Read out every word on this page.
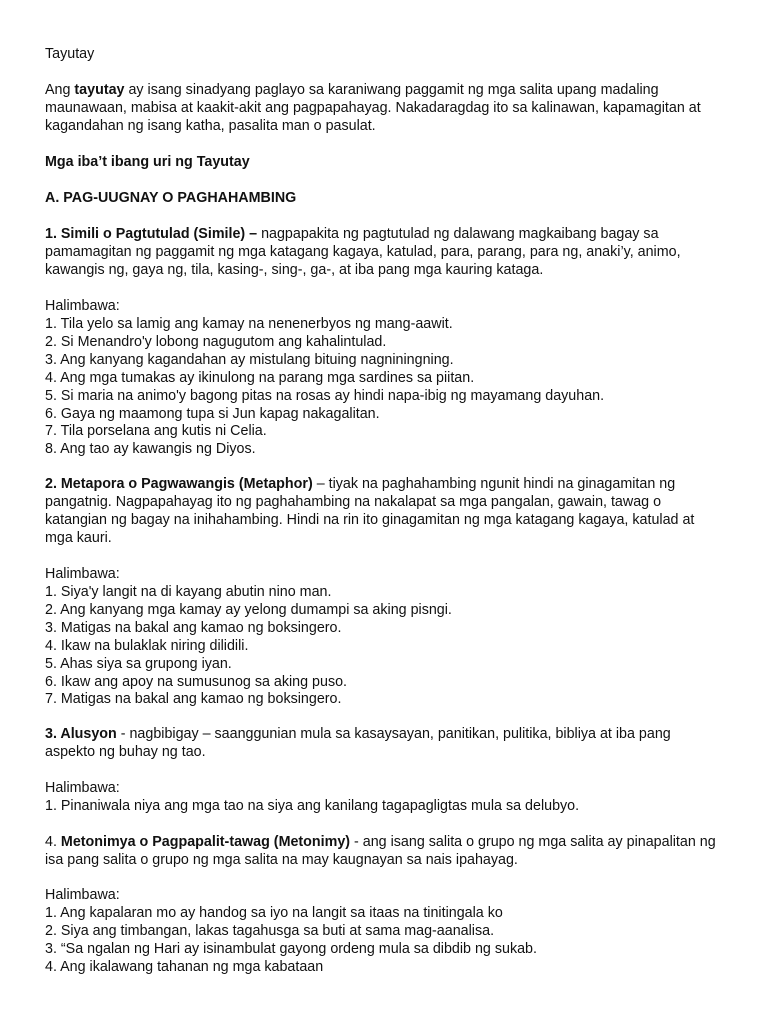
Tayutay

Ang tayutay ay isang sinadyang paglayo sa karaniwang paggamit ng mga salita upang madaling maunawaan, mabisa at kaakit-akit ang pagpapahayag. Nakadaragdag ito sa kalinawan, kapamagitan at kagandahan ng isang katha, pasalita man o pasulat.

Mga iba’t ibang uri ng Tayutay

A. PAG-UUGNAY O PAGHAHAMBING

1. Simili o Pagtutulad (Simile) – nagpapakita ng pagtutulad ng dalawang magkaibang bagay sa pamamagitan ng paggamit ng mga katagang kagaya, katulad, para, parang, para ng, anaki’y, animo, kawangis ng, gaya ng, tila, kasing-, sing-, ga-, at iba pang mga kauring kataga.

Halimbawa:

1. Tila yelo sa lamig ang kamay na nenenerbyos ng mang-aawit.
2. Si Menandro'y lobong nagugutom ang kahalintulad.
3. Ang kanyang kagandahan ay mistulang bituing nagniningning.
4. Ang mga tumakas ay ikinulong na parang mga sardines sa piitan.
5. Si maria na animo'y bagong pitas na rosas ay hindi napa-ibig ng mayamang dayuhan.
6. Gaya ng maamong tupa si Jun kapag nakagalitan.
7. Tila porselana ang kutis ni Celia.
8. Ang tao ay kawangis ng Diyos.

2. Metapora o Pagwawangis (Metaphor) – tiyak na paghahambing ngunit hindi na ginagamitan ng pangatnig. Nagpapahayag ito ng paghahambing na nakalapat sa mga pangalan, gawain, tawag o katangian ng bagay na inihahambing. Hindi na rin ito ginagamitan ng mga katagang kagaya, katulad at mga kauri.

Halimbawa:

1. Siya'y langit na di kayang abutin nino man.
2. Ang kanyang mga kamay ay yelong dumampi sa aking pisngi.
3. Matigas na bakal ang kamao ng boksingero.
4. Ikaw na bulaklak niring dilidili.
5. Ahas siya sa grupong iyan.
6. Ikaw ang apoy na sumusunog sa aking puso.
7. Matigas na bakal ang kamao ng boksingero.

3. Alusyon - nagbibigay – saanggunian mula sa kasaysayan, panitikan, pulitika, bibliya at iba pang aspekto ng buhay ng tao.

Halimbawa:

1. Pinaniwala niya ang mga tao na siya ang kanilang tagapagligtas mula sa delubyo.

4. Metonimya o Pagpapalit-tawag (Metonimy) - ang isang salita o grupo ng mga salita ay pinapalitan ng isa pang salita o grupo ng mga salita na may kaugnayan sa nais ipahayag.

Halimbawa:

1. Ang kapalaran mo ay handog sa iyo na langit sa itaas na tinitingala ko
2. Siya ang timbangan, lakas tagahusga sa buti at sama mag-aanalisa.
3. “Sa ngalan ng Hari ay isinambulat gayong ordeng mula sa dibdib ng sukab.
4. Ang ikalawang tahanan ng mga kabataan
